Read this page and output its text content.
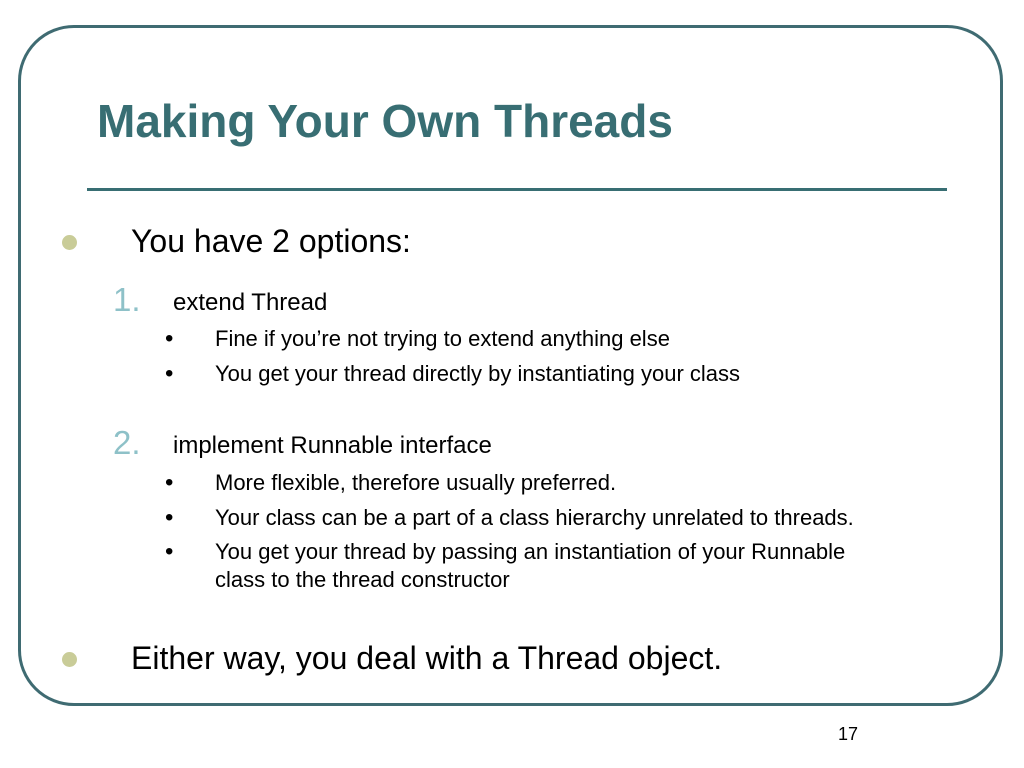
Making Your Own Threads

You have 2 options:

1. extend Thread

• Fine if you’re not trying to extend anything else

• You get your thread directly by instantiating your class

2. implement Runnable interface

• More flexible, therefore usually preferred.

• Your class can be a part of a class hierarchy unrelated to threads.

• You get your thread by passing an instantiation of your Runnable

class to the thread constructor

Either way, you deal with a Thread object.

17
